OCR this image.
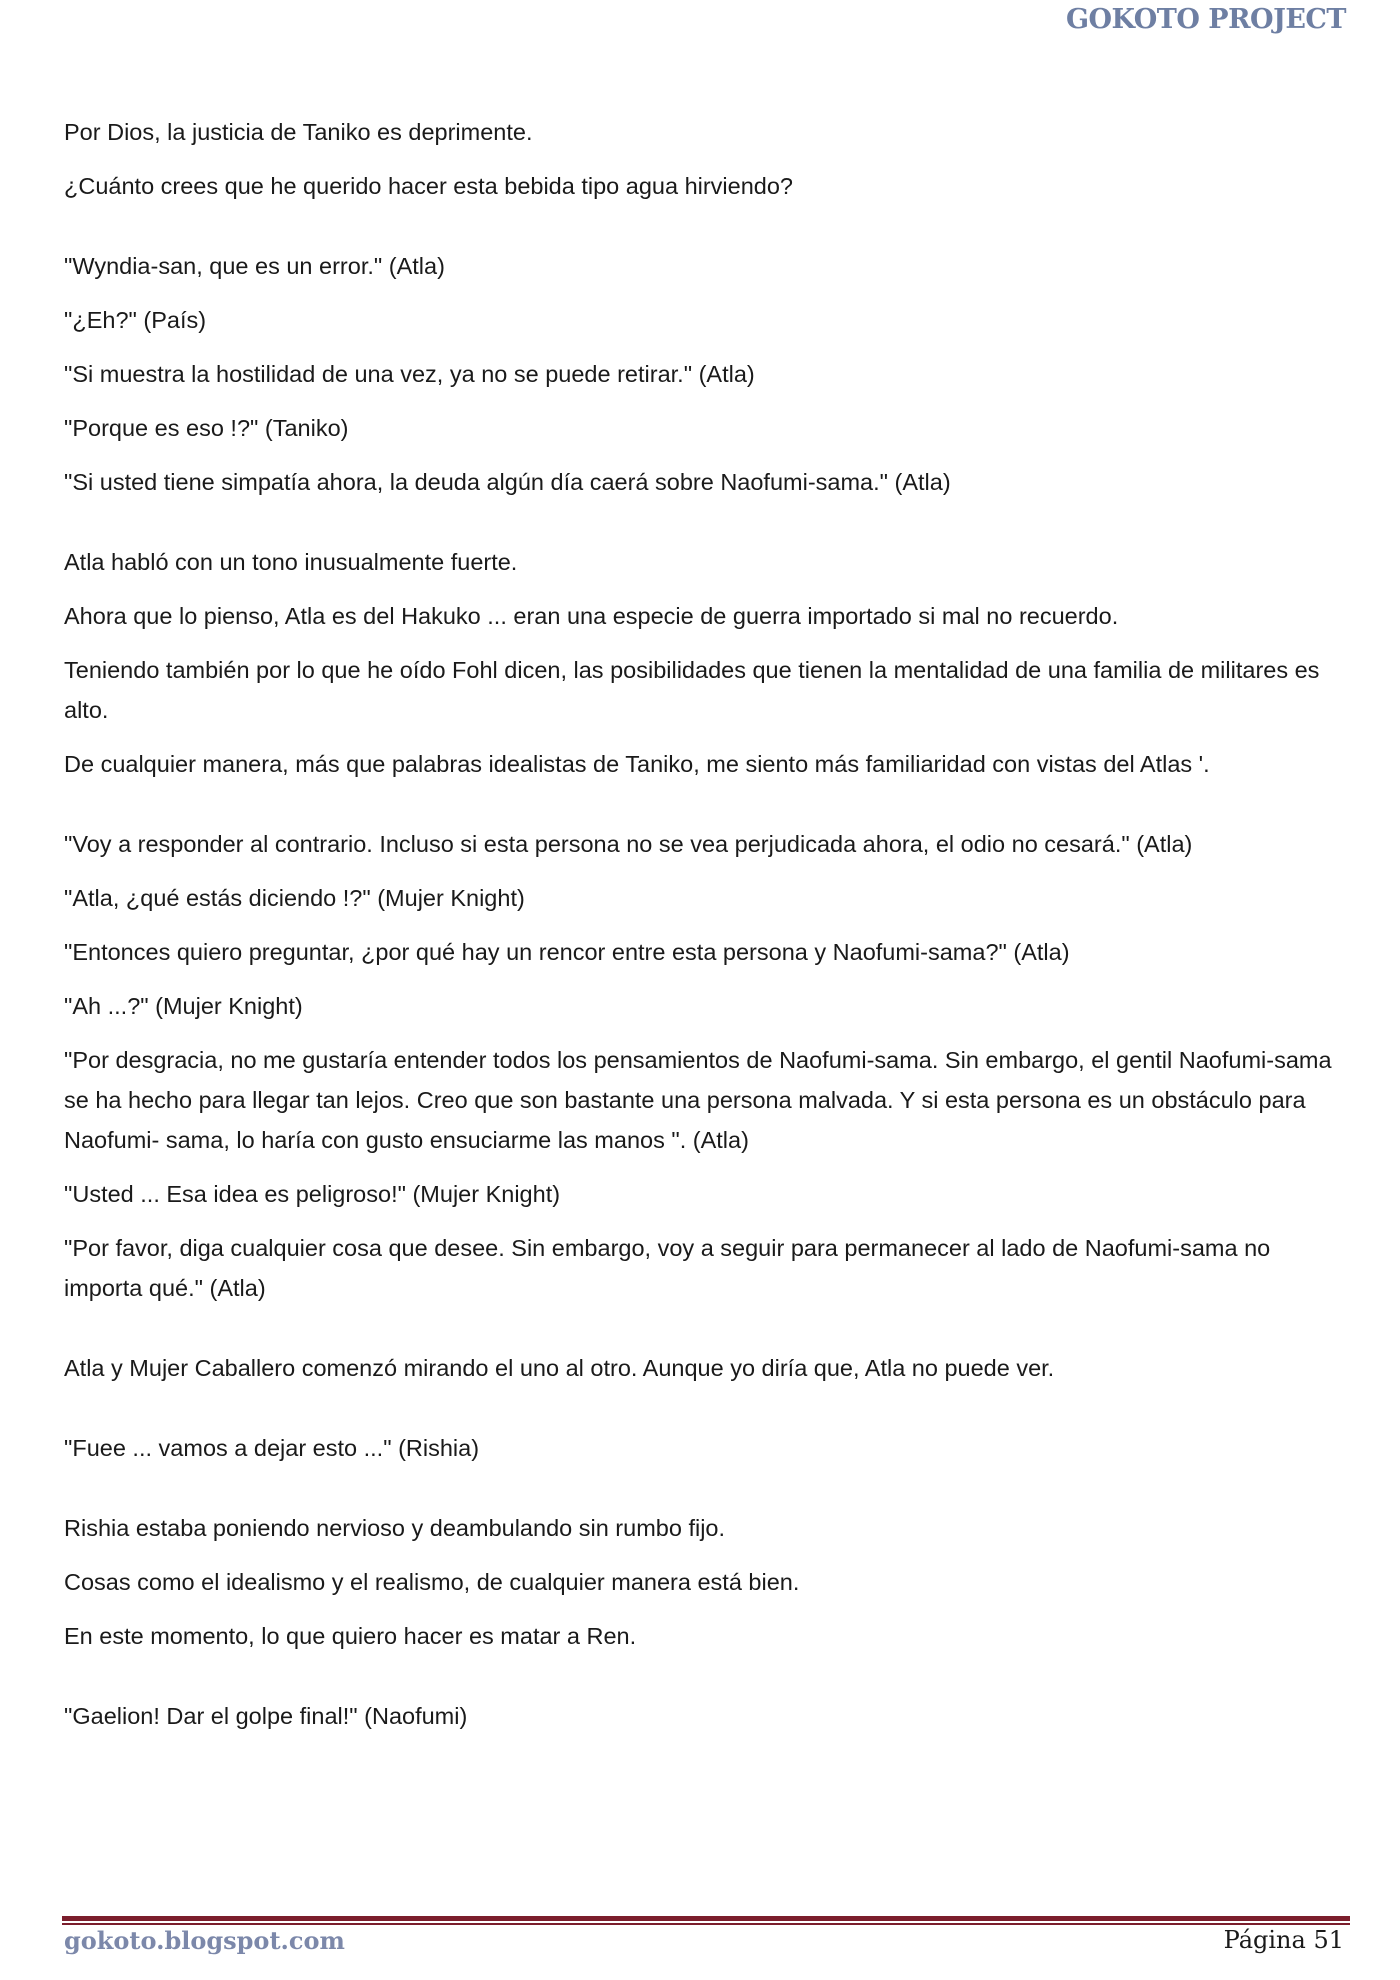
GOKOTO PROJECT

Por Dios, la justicia de Taniko es deprimente.

¿Cuánto crees que he querido hacer esta bebida tipo agua hirviendo?

"Wyndia-san, que es un error." (Atla)

"¿Eh?" (País)

"Si muestra la hostilidad de una vez, ya no se puede retirar." (Atla)

"Porque es eso !?" (Taniko)

"Si usted tiene simpatía ahora, la deuda algún día caerá sobre Naofumi-sama." (Atla)

Atla habló con un tono inusualmente fuerte.

Ahora que lo pienso, Atla es del Hakuko ... eran una especie de guerra importado si mal no recuerdo.

Teniendo también por lo que he oído Fohl dicen, las posibilidades que tienen la mentalidad de una familia de militares es alto.

De cualquier manera, más que palabras idealistas de Taniko, me siento más familiaridad con vistas del Atlas '.

"Voy a responder al contrario. Incluso si esta persona no se vea perjudicada ahora, el odio no cesará." (Atla)

"Atla, ¿qué estás diciendo !?" (Mujer Knight)

"Entonces quiero preguntar, ¿por qué hay un rencor entre esta persona y Naofumi-sama?" (Atla)

"Ah ...?" (Mujer Knight)

"Por desgracia, no me gustaría entender todos los pensamientos de Naofumi-sama. Sin embargo, el gentil Naofumi-sama se ha hecho para llegar tan lejos. Creo que son bastante una persona malvada. Y si esta persona es un obstáculo para Naofumi- sama, lo haría con gusto ensuciarme las manos ". (Atla)

"Usted ... Esa idea es peligroso!" (Mujer Knight)

"Por favor, diga cualquier cosa que desee. Sin embargo, voy a seguir para permanecer al lado de Naofumi-sama no importa qué." (Atla)

Atla y Mujer Caballero comenzó mirando el uno al otro. Aunque yo diría que, Atla no puede ver.

"Fuee ... vamos a dejar esto ..." (Rishia)

Rishia estaba poniendo nervioso y deambulando sin rumbo fijo.

Cosas como el idealismo y el realismo, de cualquier manera está bien.

En este momento, lo que quiero hacer es matar a Ren.

"Gaelion! Dar el golpe final!" (Naofumi)

gokoto.blogspot.com	Página 51
